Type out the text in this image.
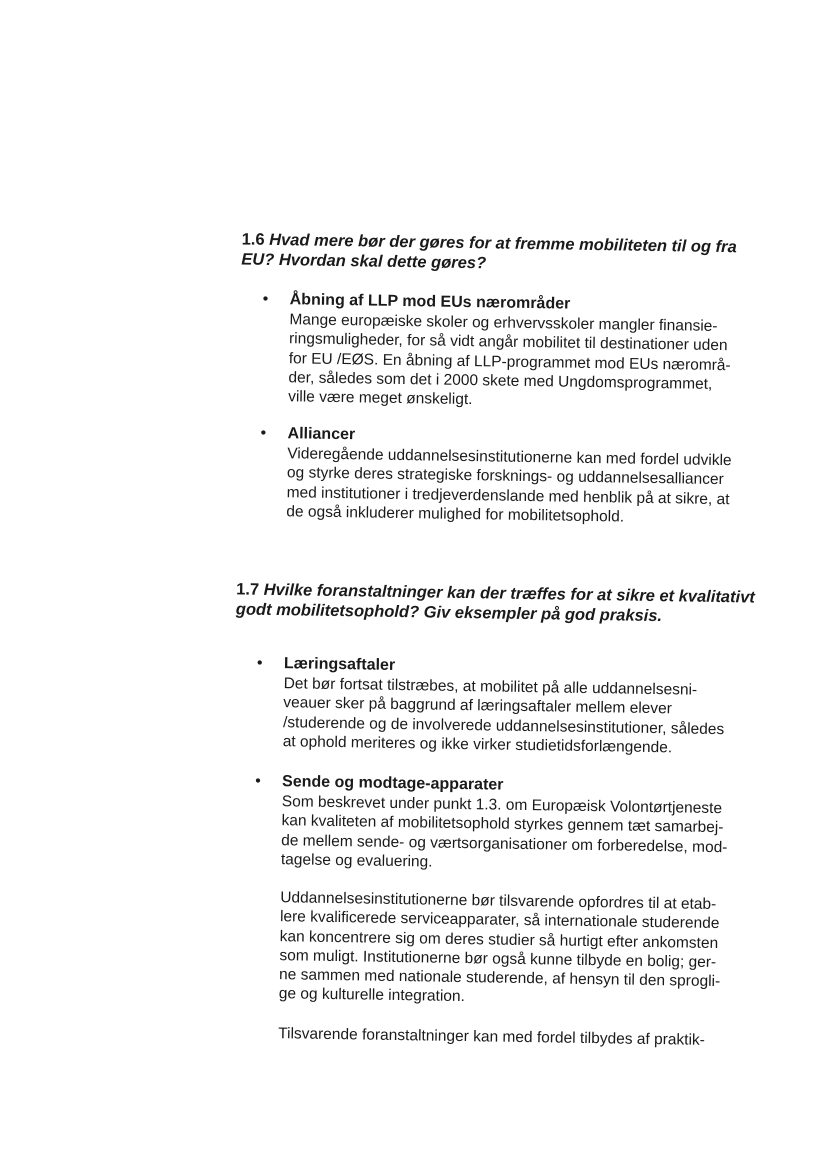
1.6 Hvad mere bør der gøres for at fremme mobiliteten til og fra
EU? Hvordan skal dette gøres?
• Åbning af LLP mod EUs nærområder

Mange europæiske skoler og erhvervsskoler mangler finansie-
ringsmuligheder, for så vidt angår mobilitet til destinationer uden
for EU /EØS. En åbning af LLP-programmet mod EUs nærområ-
der, således som det i 2000 skete med Ungdomsprogrammet,
ville være meget ønskeligt.

• Alliancer

Videregående uddannelsesinstitutionerne kan med fordel udvikle
og styrke deres strategiske forsknings- og uddannelsesalliancer
med institutioner i tredjeverdenslande med henblik på at sikre, at
de også inkluderer mulighed for mobilitetsophold.

1.7 Hvilke foranstaltninger kan der træffes for at sikre et kvalitativt
godt mobilitetsophold? Giv eksempler på god praksis.
• Læringsaftaler

Det bør fortsat tilstræbes, at mobilitet på alle uddannelsesni-
veauer sker på baggrund af læringsaftaler mellem elever
/studerende og de involverede uddannelsesinstitutioner, således
at ophold meriteres og ikke virker studietidsforlængende.

• Sende og modtage-apparater

Som beskrevet under punkt 1.3. om Europæisk Volontørtjeneste
kan kvaliteten af mobilitetsophold styrkes gennem tæt samarbej-
de mellem sende- og værtsorganisationer om forberedelse, mod-
tagelse og evaluering.

Uddannelsesinstitutionerne bør tilsvarende opfordres til at etab-
lere kvalificerede serviceapparater, så internationale studerende
kan koncentrere sig om deres studier så hurtigt efter ankomsten
som muligt. Institutionerne bør også kunne tilbyde en bolig; ger-
ne sammen med nationale studerende, af hensyn til den sprogli-
ge og kulturelle integration.

Tilsvarende foranstaltninger kan med fordel tilbydes af praktik-
